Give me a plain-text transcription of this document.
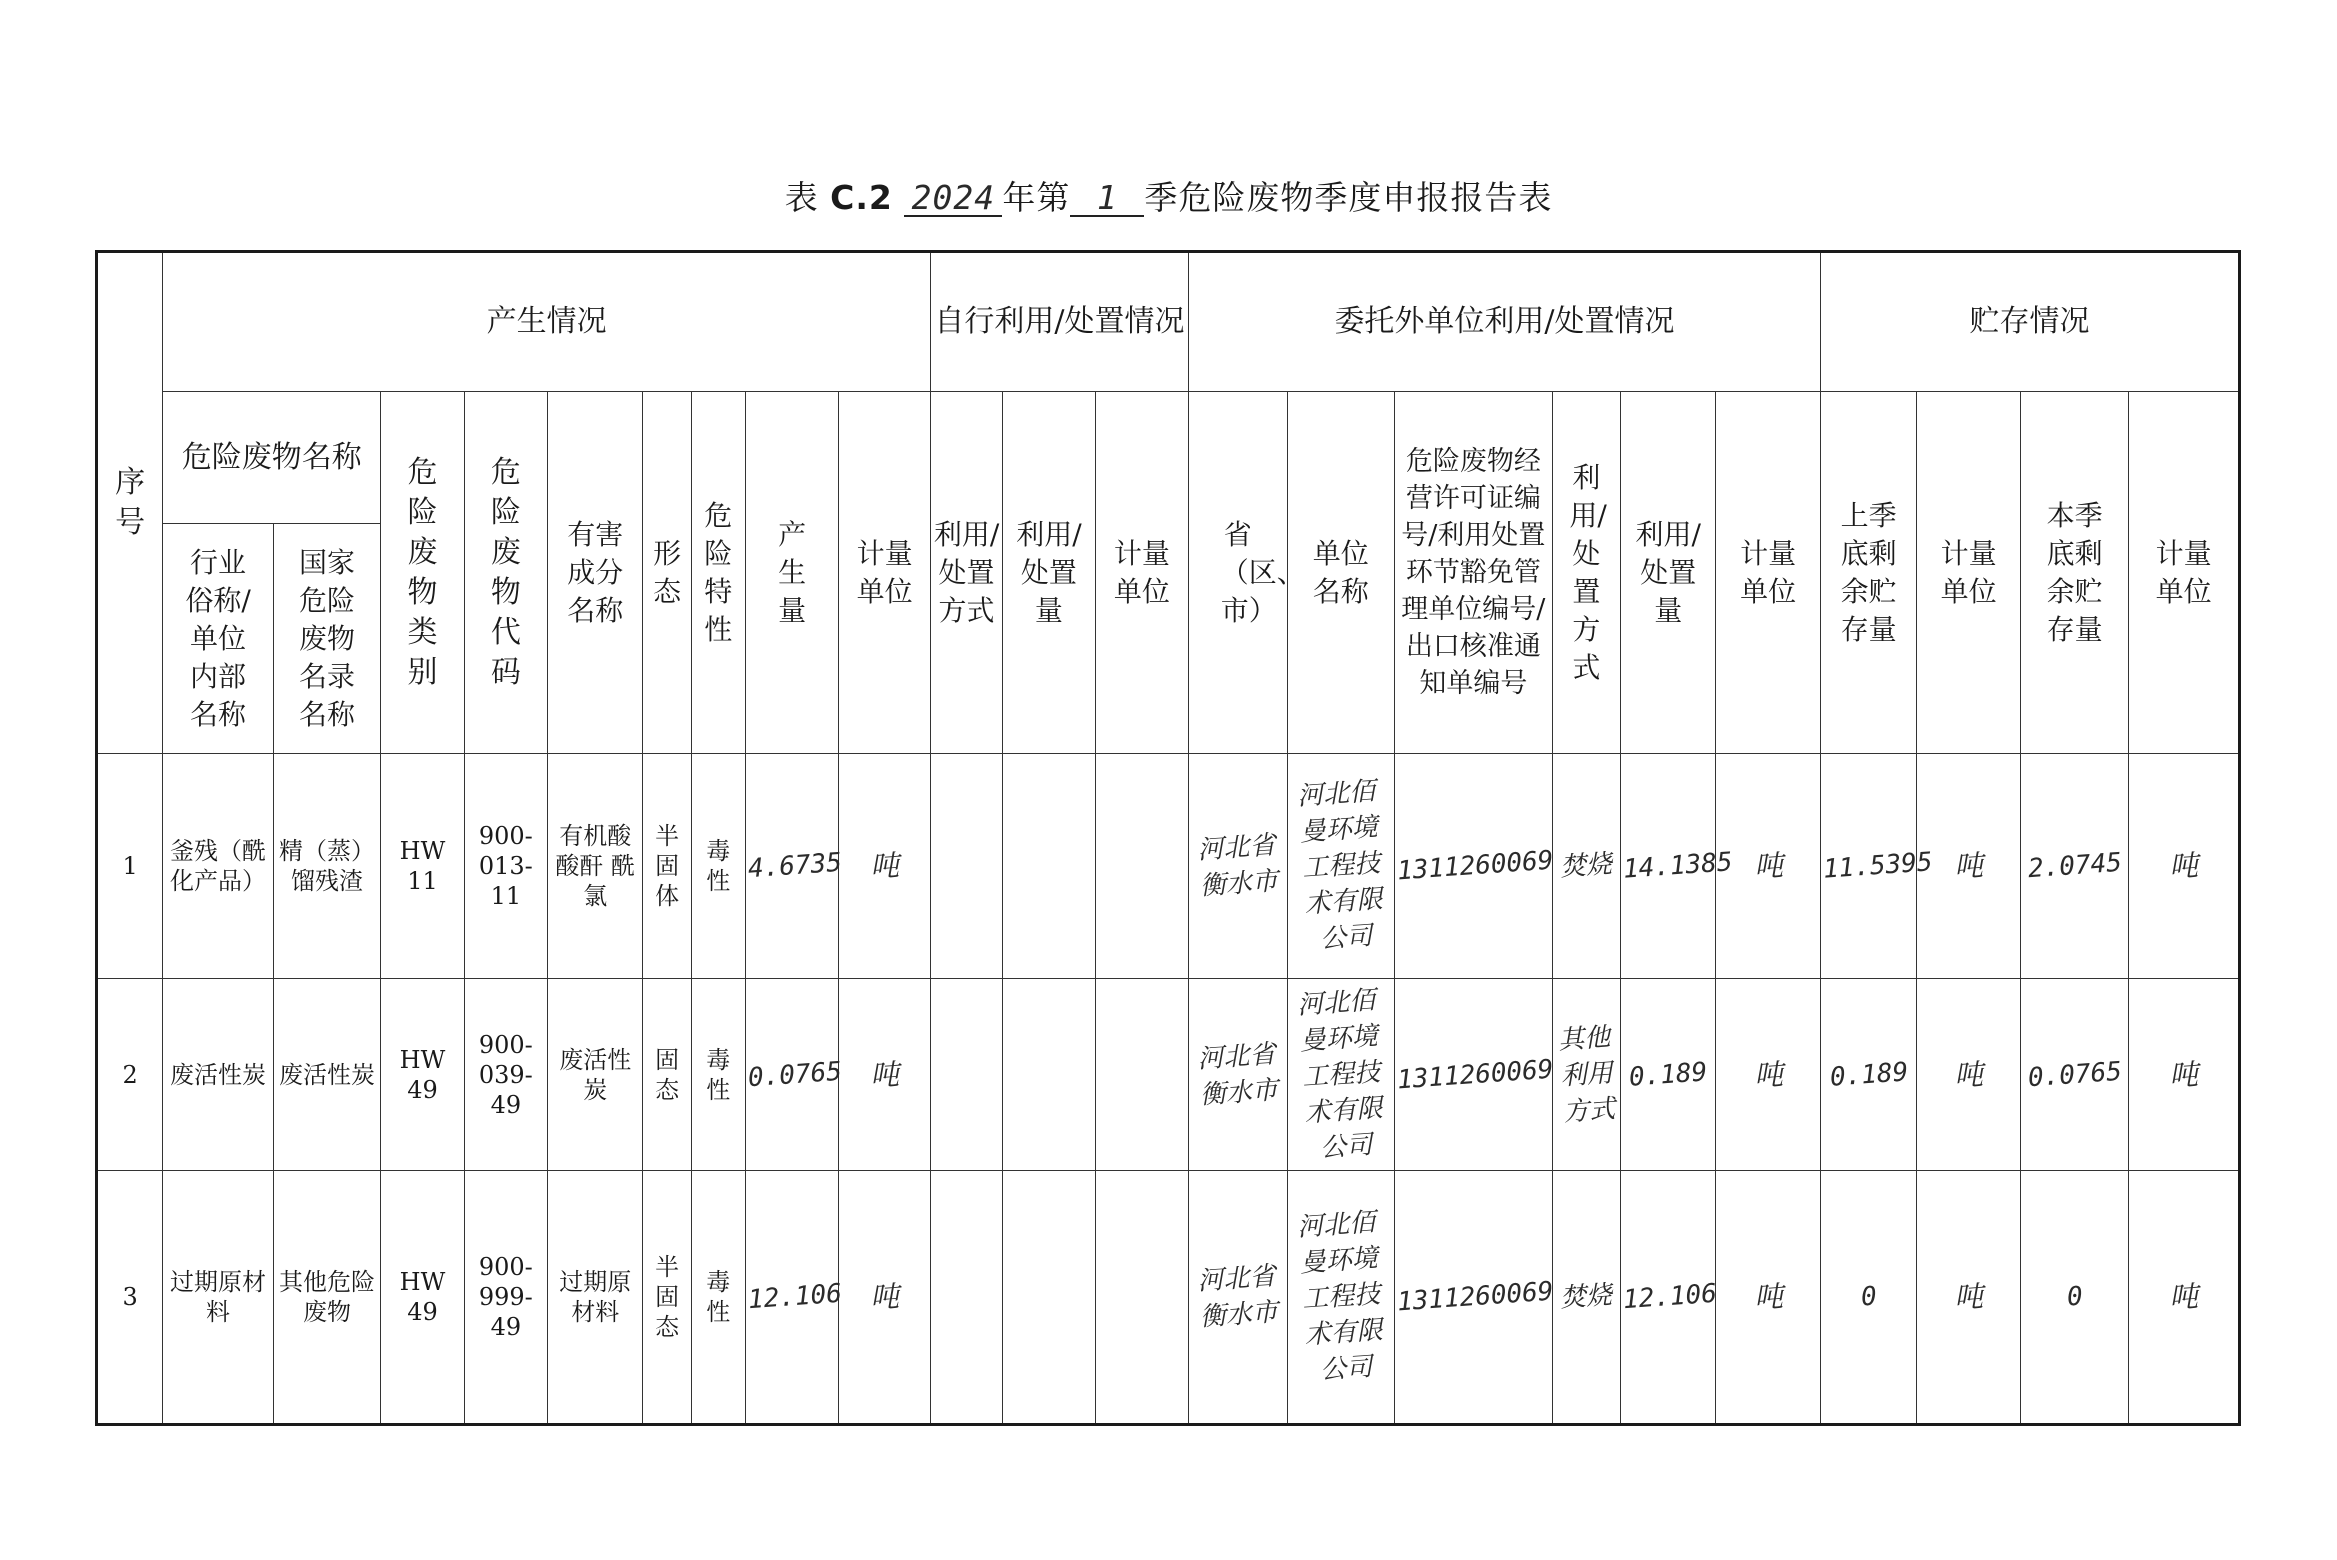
表 C.2 2024 年第 1 季危险废物季度申报报告表
序号	产生情况									自行利用/处置情况			委托外单位利用/处置情况						贮存情况			
	危险废物名称		危险废物类别	危险废物代码	有害成分名称	形态	危险特性	产生量	计量单位	利用/处置方式	利用/处置量	计量单位	省（区、市）	单位名称	危险废物经营许可证编号/利用处置环节豁免管理单位编号/出口核准通知单编号	利用/处置方式	利用/处置量	计量单位	上季底剩余贮存量	计量单位	本季底剩余贮存量	计量单位
	行业俗称/单位内部名称	国家危险废物名录名称																				
1	釜残（酰化产品）	精（蒸）馏残渣	HW 11	900-013-11	有机酸 酸酐 酰氯	半固体	毒性	4.6735	吨				河北省衡水市	河北佰曼环境工程技术有限公司	1311260069	焚烧	14.1385	吨	11.5395	吨	2.0745	吨
2	废活性炭	废活性炭	HW 49	900-039-49	废活性炭	固态	毒性	0.0765	吨				河北省衡水市	河北佰曼环境工程技术有限公司	1311260069	其他利用方式	0.189	吨	0.189	吨	0.0765	吨
3	过期原材料	其他危险废物	HW 49	900-999-49	过期原材料	半固态	毒性	12.106	吨				河北省衡水市	河北佰曼环境工程技术有限公司	1311260069	焚烧	12.106	吨	0	吨	0	吨
